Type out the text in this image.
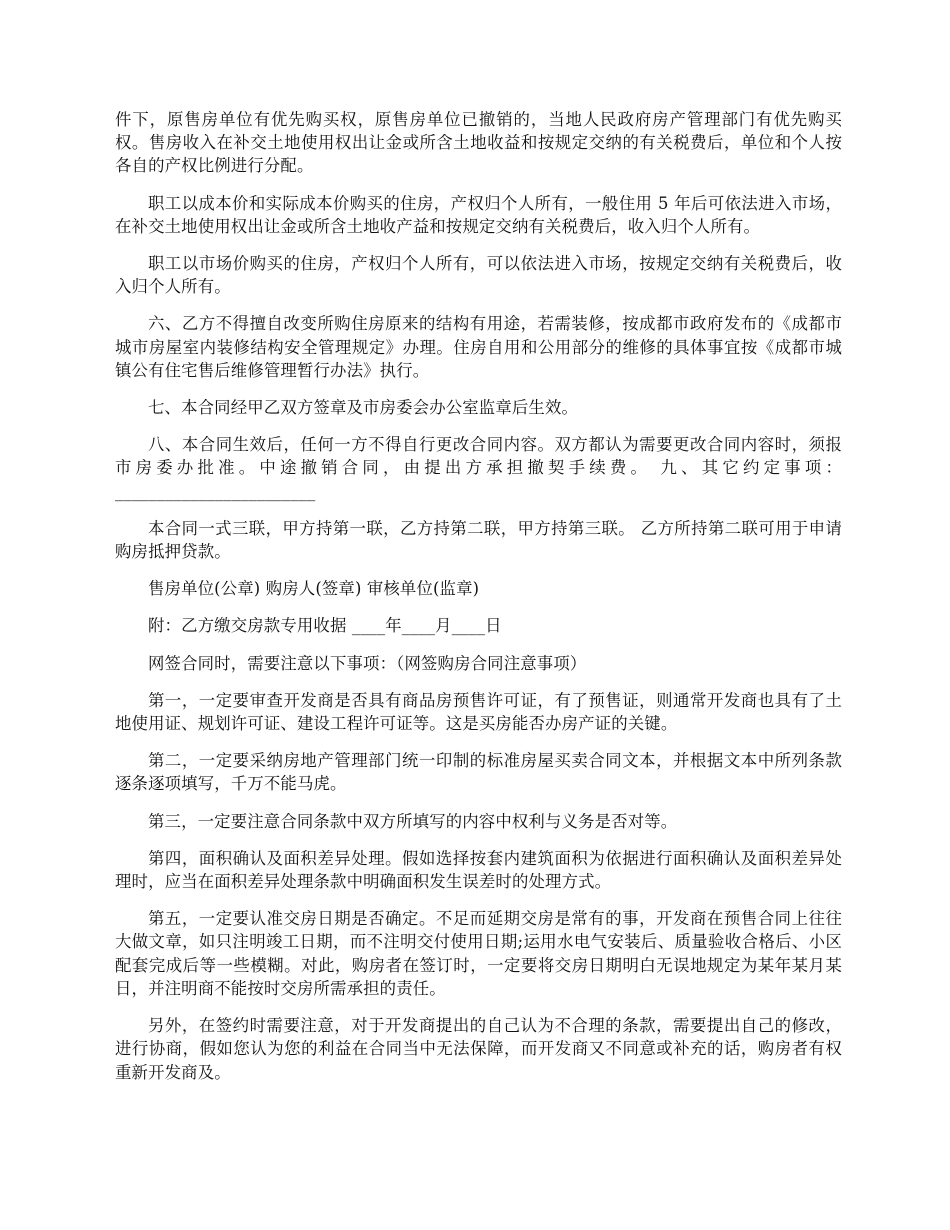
件下，原售房单位有优先购买权，原售房单位已撤销的，当地人民政府房产管理部门有优先购买权。售房收入在补交土地使用权出让金或所含土地收益和按规定交纳的有关税费后，单位和个人按各自的产权比例进行分配。

职工以成本价和实际成本价购买的住房，产权归个人所有，一般住用 5 年后可依法进入市场，在补交土地使用权出让金或所含土地收产益和按规定交纳有关税费后，收入归个人所有。

职工以市场价购买的住房，产权归个人所有，可以依法进入市场，按规定交纳有关税费后，收入归个人所有。

六、乙方不得擅自改变所购住房原来的结构有用途，若需装修，按成都市政府发布的《成都市城市房屋室内装修结构安全管理规定》办理。住房自用和公用部分的维修的具体事宜按《成都市城镇公有住宅售后维修管理暂行办法》执行。

七、本合同经甲乙双方签章及市房委会办公室监章后生效。

八、本合同生效后，任何一方不得自行更改合同内容。双方都认为需要更改合同内容时，须报市房委办批准。中途撤销合同，由提出方承担撤契手续费。 九、其它约定事项：________________________

本合同一式三联，甲方持第一联，乙方持第二联，甲方持第三联。 乙方所持第二联可用于申请购房抵押贷款。

售房单位(公章) 购房人(签章) 审核单位(监章)

附：乙方缴交房款专用收据 ____年____月____日

网签合同时，需要注意以下事项：（网签购房合同注意事项）

第一，一定要审查开发商是否具有商品房预售许可证，有了预售证，则通常开发商也具有了土地使用证、规划许可证、建设工程许可证等。这是买房能否办房产证的关键。

第二，一定要采纳房地产管理部门统一印制的标准房屋买卖合同文本，并根据文本中所列条款逐条逐项填写，千万不能马虎。

第三，一定要注意合同条款中双方所填写的内容中权利与义务是否对等。

第四，面积确认及面积差异处理。假如选择按套内建筑面积为依据进行面积确认及面积差异处理时，应当在面积差异处理条款中明确面积发生误差时的处理方式。

第五，一定要认准交房日期是否确定。不足而延期交房是常有的事，开发商在预售合同上往往大做文章，如只注明竣工日期，而不注明交付使用日期;运用水电气安装后、质量验收合格后、小区配套完成后等一些模糊。对此，购房者在签订时，一定要将交房日期明白无误地规定为某年某月某日，并注明商不能按时交房所需承担的责任。

另外，在签约时需要注意，对于开发商提出的自己认为不合理的条款，需要提出自己的修改，进行协商，假如您认为您的利益在合同当中无法保障，而开发商又不同意或补充的话，购房者有权重新开发商及。
